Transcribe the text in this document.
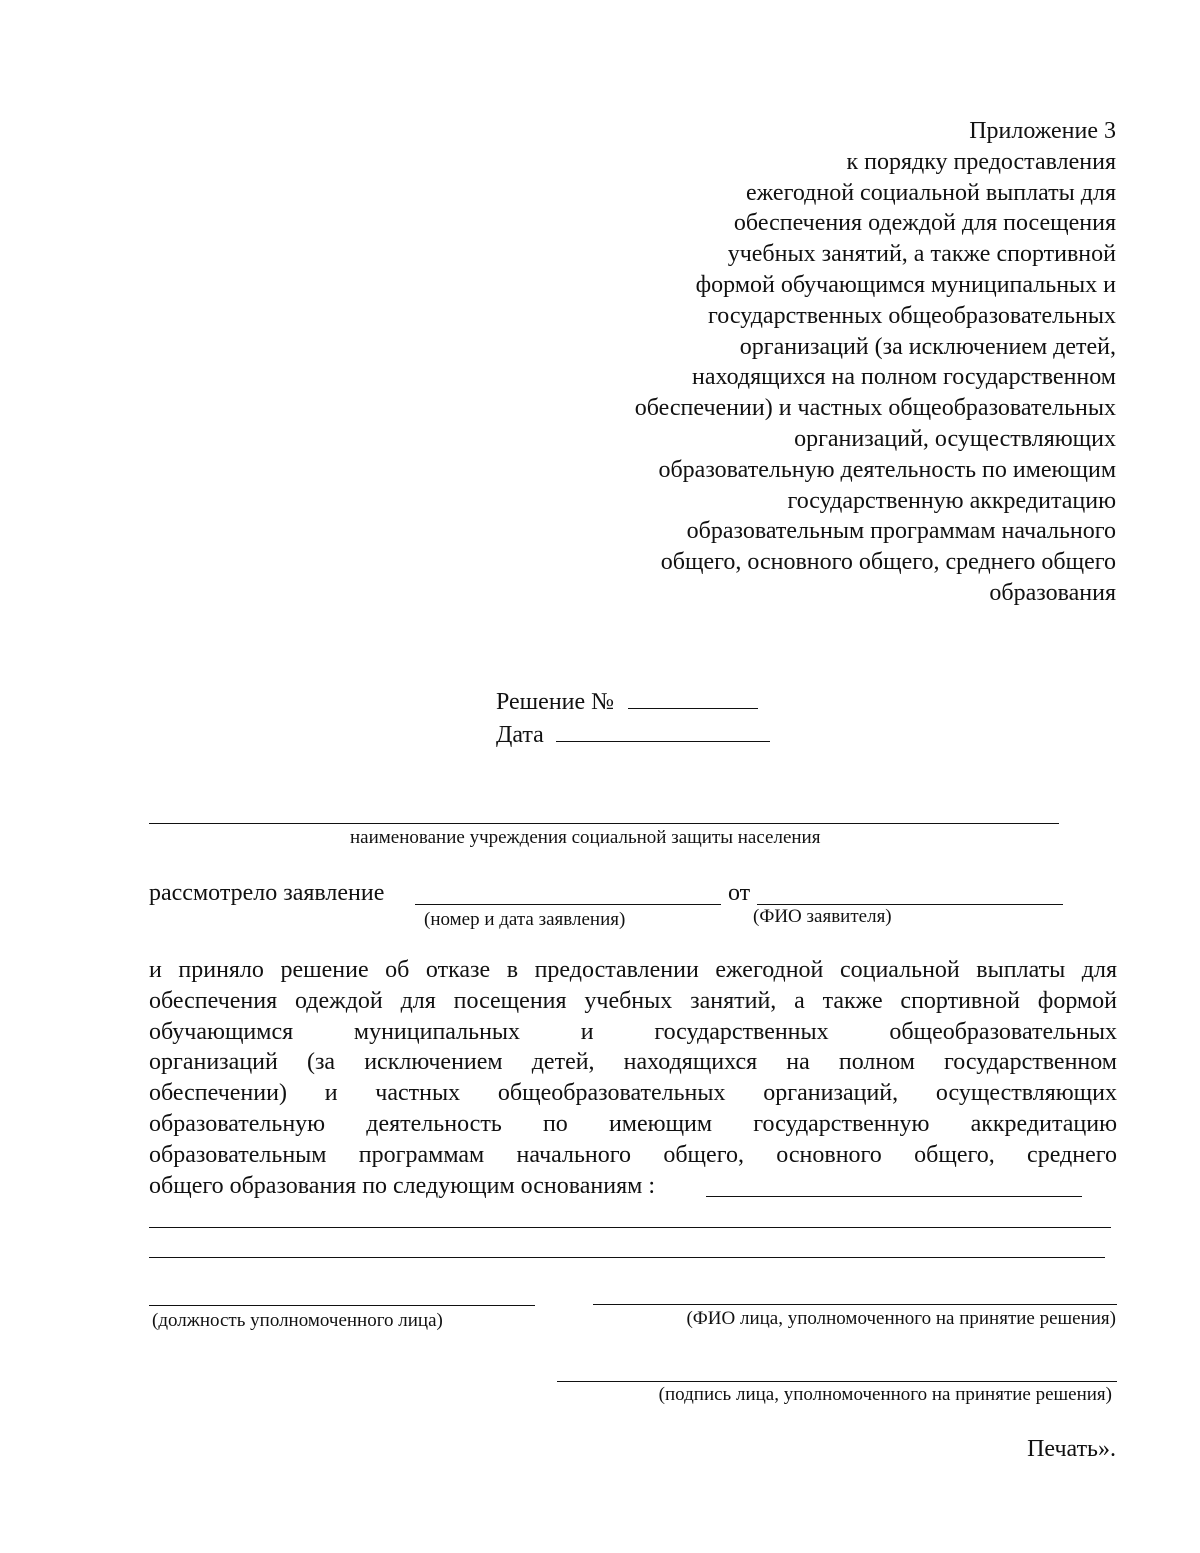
Приложение 3
к порядку предоставления
ежегодной социальной выплаты для
обеспечения одеждой для посещения
учебных занятий, а также спортивной
формой обучающимся муниципальных и
государственных общеобразовательных
организаций (за исключением детей,
находящихся на полном государственном
обеспечении) и частных общеобразовательных
организаций, осуществляющих
образовательную деятельность по имеющим
государственную аккредитацию
образовательным программам начального
общего, основного общего, среднего общего
образования
Решение №
Дата
наименование учреждения социальной защиты населения
рассмотрело заявление	от
(номер и дата заявления)	(ФИО заявителя)
и приняло решение об отказе в предоставлении ежегодной социальной выплаты для
обеспечения одеждой для посещения учебных занятий, а также спортивной формой
обучающимся муниципальных и государственных общеобразовательных
организаций (за исключением детей, находящихся на полном государственном
обеспечении) и частных общеобразовательных организаций, осуществляющих
образовательную деятельность по имеющим государственную аккредитацию
образовательным программам начального общего, основного общего, среднего
общего образования по следующим основаниям :
(должность уполномоченного лица)	(ФИО лица, уполномоченного на принятие решения)
(подпись лица, уполномоченного на принятие решения)
Печать».
